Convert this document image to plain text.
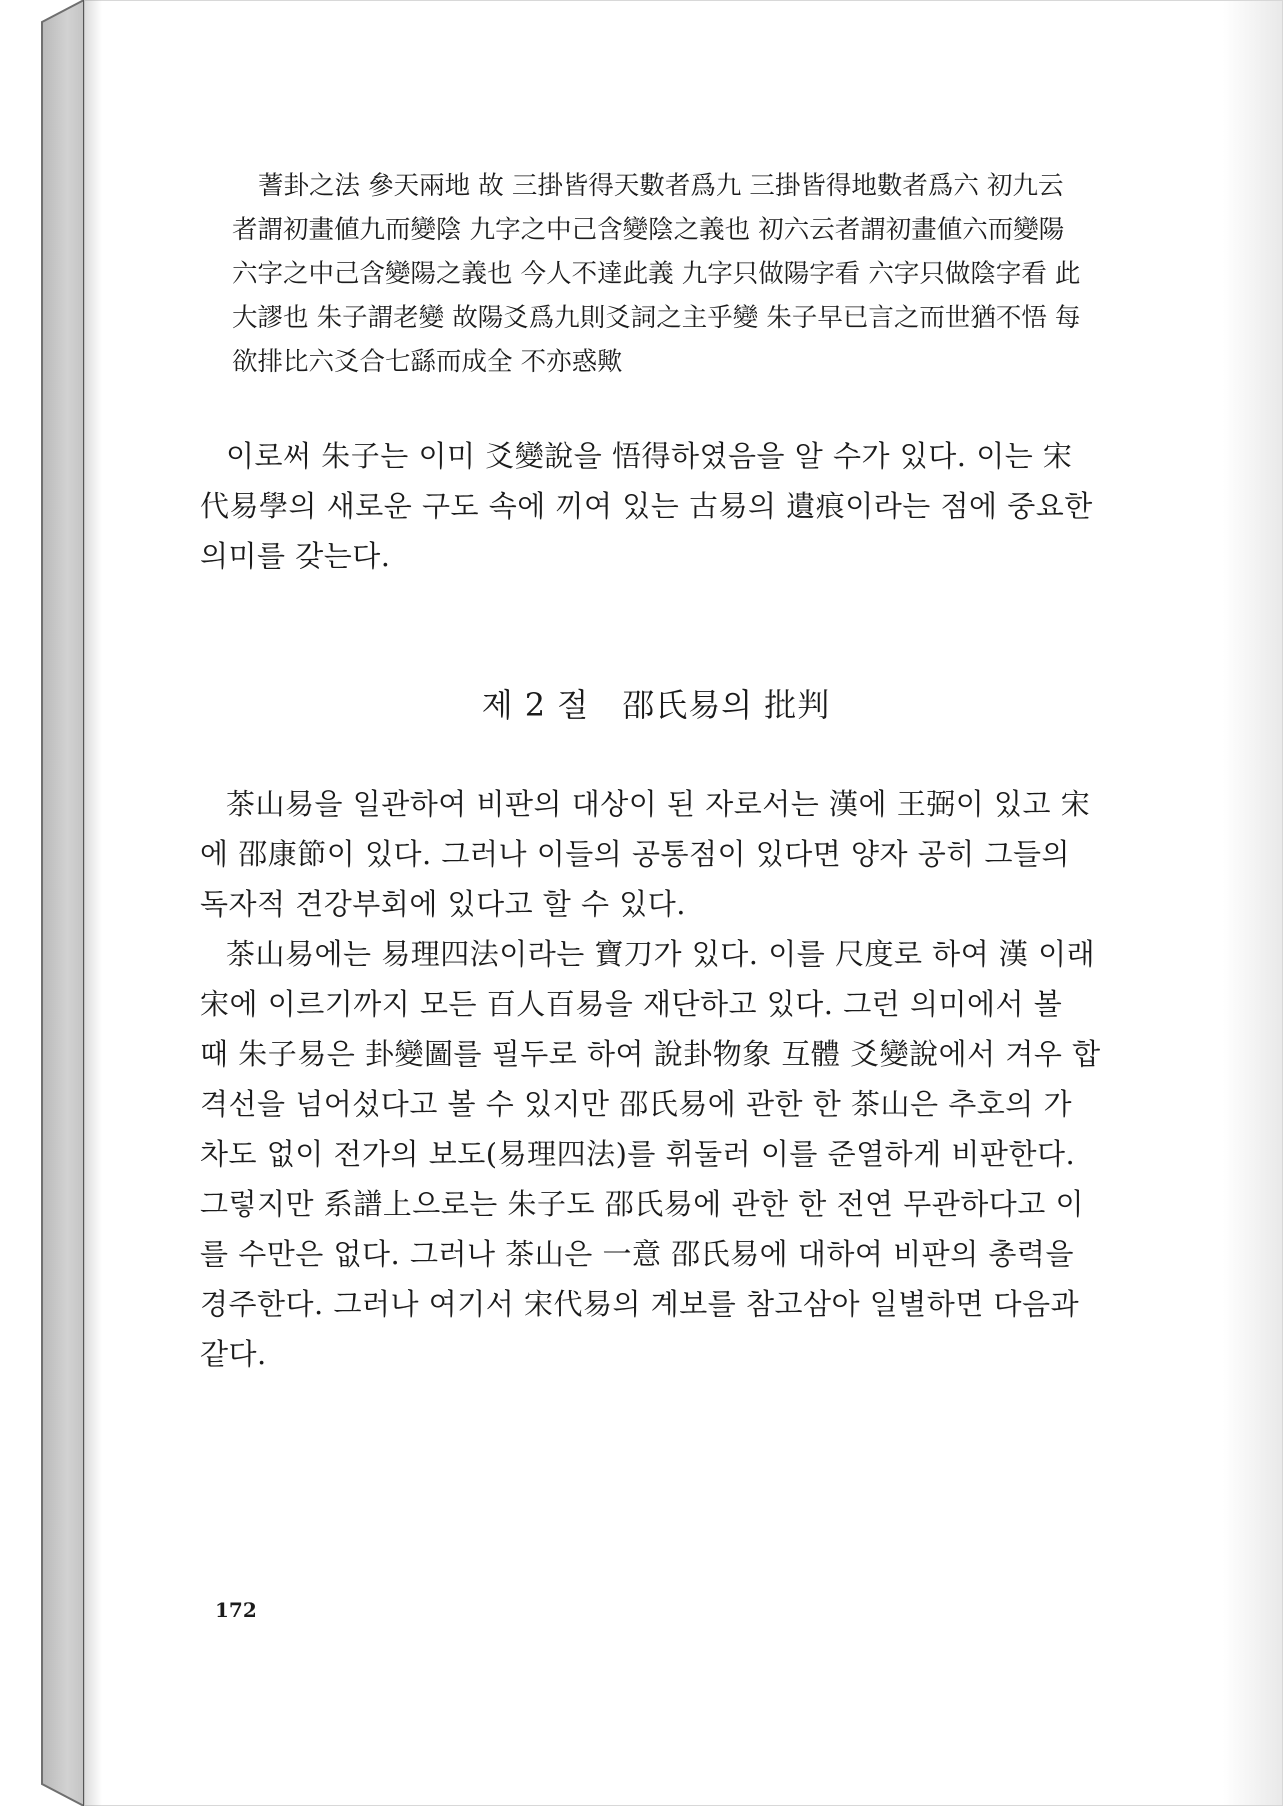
蓍卦之法 參天兩地 故 三掛皆得天數者爲九 三掛皆得地數者爲六 初九云
者謂初畫値九而變陰 九字之中己含變陰之義也 初六云者謂初畫値六而變陽
六字之中己含變陽之義也 今人不達此義 九字只做陽字看 六字只做陰字看 此
大謬也 朱子謂老變 故陽爻爲九則爻詞之主乎變 朱子早已言之而世猶不悟 每
欲排比六爻合七繇而成全 不亦惑歟
이로써 朱子는 이미 爻變說을 悟得하였음을 알 수가 있다. 이는 宋
代易學의 새로운 구도 속에 끼여 있는 古易의 遺痕이라는 점에 중요한
의미를 갖는다.
제 2 절　邵氏易의 批判
茶山易을 일관하여 비판의 대상이 된 자로서는 漢에 王弼이 있고 宋
에 邵康節이 있다. 그러나 이들의 공통점이 있다면 양자 공히 그들의
독자적 견강부회에 있다고 할 수 있다.
茶山易에는 易理四法이라는 寶刀가 있다. 이를 尺度로 하여 漢 이래
宋에 이르기까지 모든 百人百易을 재단하고 있다. 그런 의미에서 볼
때 朱子易은 卦變圖를 필두로 하여 說卦物象 互體 爻變說에서 겨우 합
격선을 넘어섰다고 볼 수 있지만 邵氏易에 관한 한 茶山은 추호의 가
차도 없이 전가의 보도(易理四法)를 휘둘러 이를 준열하게 비판한다.
그렇지만 系譜上으로는 朱子도 邵氏易에 관한 한 전연 무관하다고 이
를 수만은 없다. 그러나 茶山은 一意 邵氏易에 대하여 비판의 총력을
경주한다. 그러나 여기서 宋代易의 계보를 참고삼아 일별하면 다음과
같다.

172
